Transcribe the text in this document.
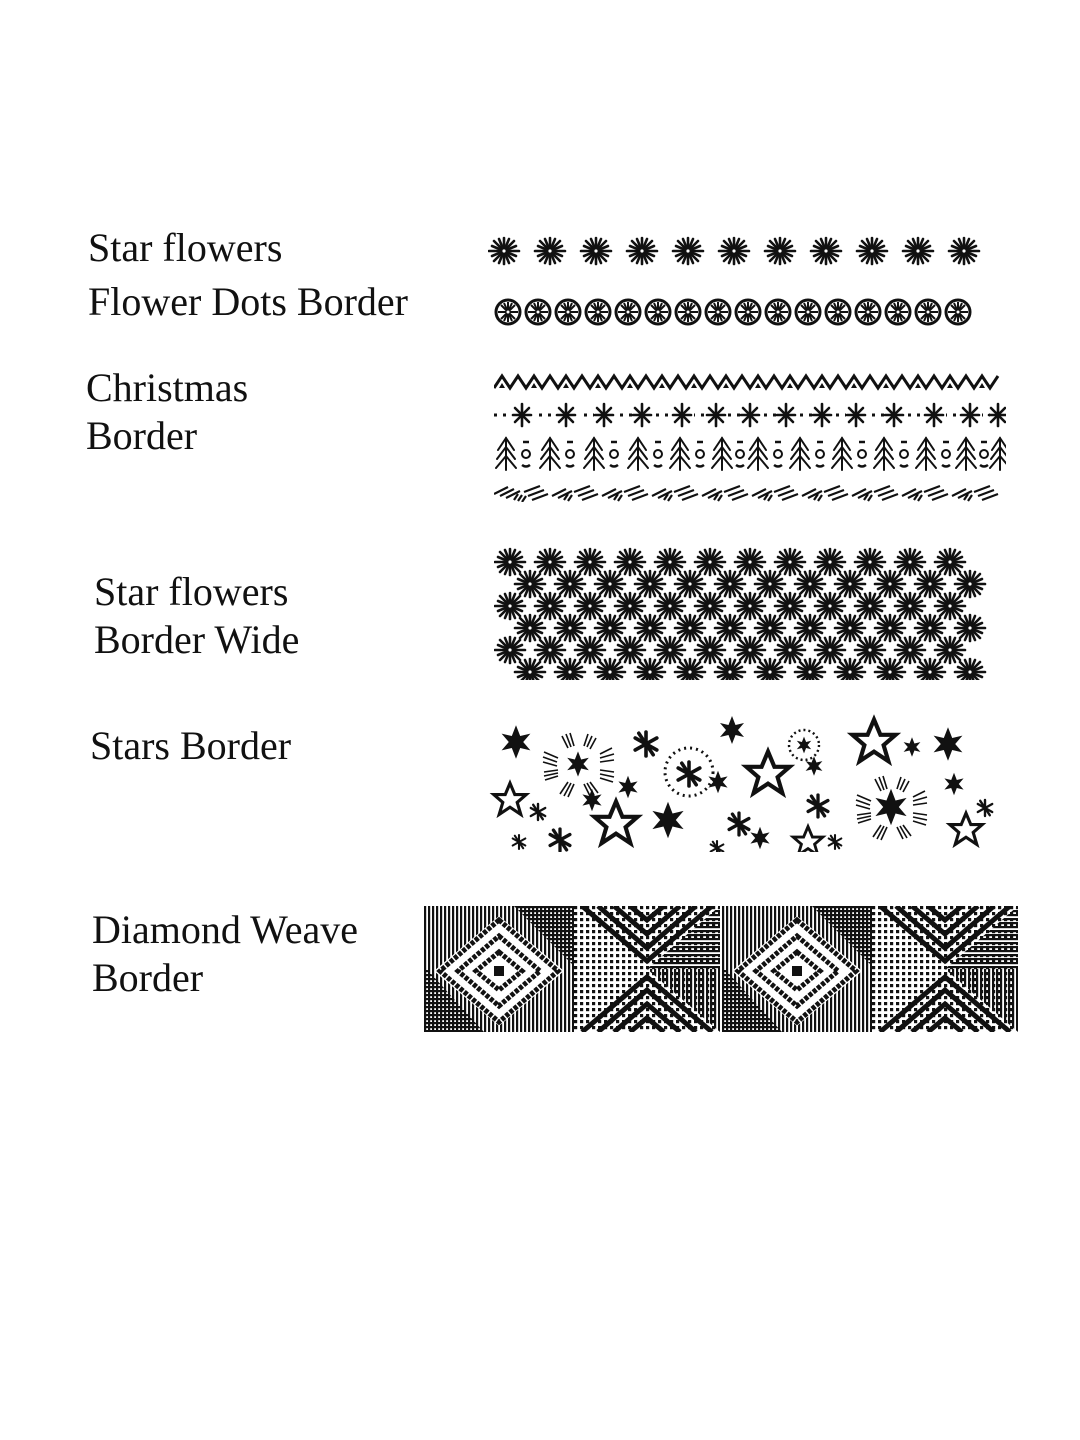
Star flowers
Flower Dots Border
Christmas
Border
Star flowers
Border Wide
Stars Border
Diamond Weave
Border
